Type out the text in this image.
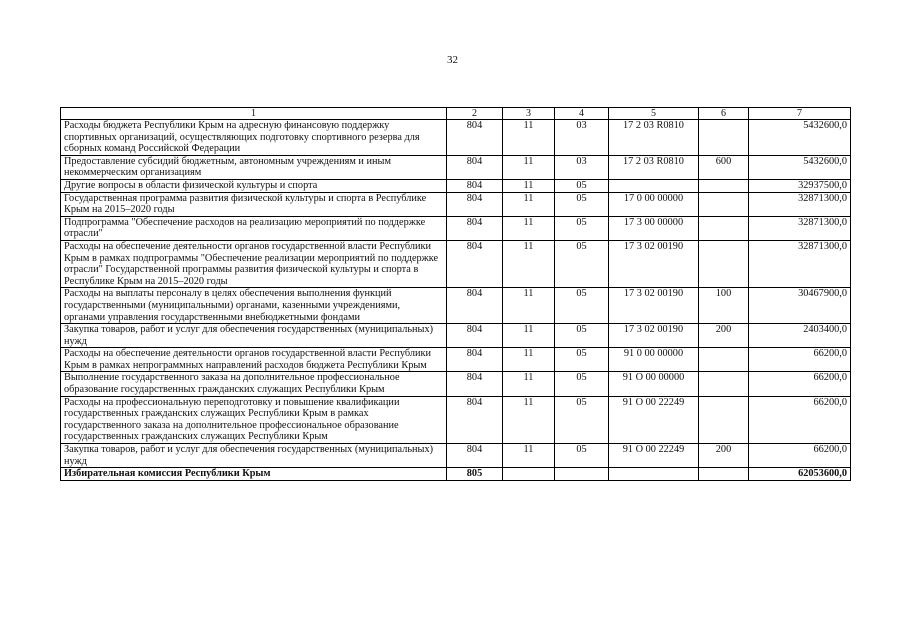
32
1	2	3	4	5	6	7
Расходы бюджета Республики Крым на адресную финансовую поддержку спортивных организаций, осуществляющих подготовку спортивного резерва для сборных команд Российской Федерации	804	11	03	17 2 03 R0810		5432600,0
Предоставление субсидий бюджетным, автономным учреждениям и иным некоммерческим организациям	804	11	03	17 2 03 R0810	600	5432600,0
Другие вопросы в области физической культуры и спорта	804	11	05			32937500,0
Государственная программа развития физической культуры и спорта в Республике Крым на 2015–2020 годы	804	11	05	17 0 00 00000		32871300,0
Подпрограмма "Обеспечение расходов на реализацию мероприятий по поддержке отрасли"	804	11	05	17 3 00 00000		32871300,0
Расходы на обеспечение деятельности органов государственной власти Республики Крым в рамках подпрограммы "Обеспечение реализации мероприятий по поддержке отрасли" Государственной программы развития физической культуры и спорта в Республике Крым на 2015–2020 годы	804	11	05	17 3 02 00190		32871300,0
Расходы на выплаты персоналу в целях обеспечения выполнения функций государственными (муниципальными) органами, казенными учреждениями, органами управления государственными внебюджетными фондами	804	11	05	17 3 02 00190	100	30467900,0
Закупка товаров, работ и услуг для обеспечения государственных (муниципальных) нужд	804	11	05	17 3 02 00190	200	2403400,0
Расходы на обеспечение деятельности органов государственной власти Республики Крым в рамках непрограммных направлений расходов бюджета Республики Крым	804	11	05	91 0 00 00000		66200,0
Выполнение государственного заказа на дополнительное профессиональное образование государственных гражданских служащих Республики Крым	804	11	05	91 О 00 00000		66200,0
Расходы на профессиональную переподготовку и повышение квалификации государственных гражданских служащих Республики Крым в рамках государственного заказа на дополнительное профессиональное образование государственных гражданских служащих Республики Крым	804	11	05	91 О 00 22249		66200,0
Закупка товаров, работ и услуг для обеспечения государственных (муниципальных) нужд	804	11	05	91 О 00 22249	200	66200,0
Избирательная комиссия Республики Крым	805					62053600,0
